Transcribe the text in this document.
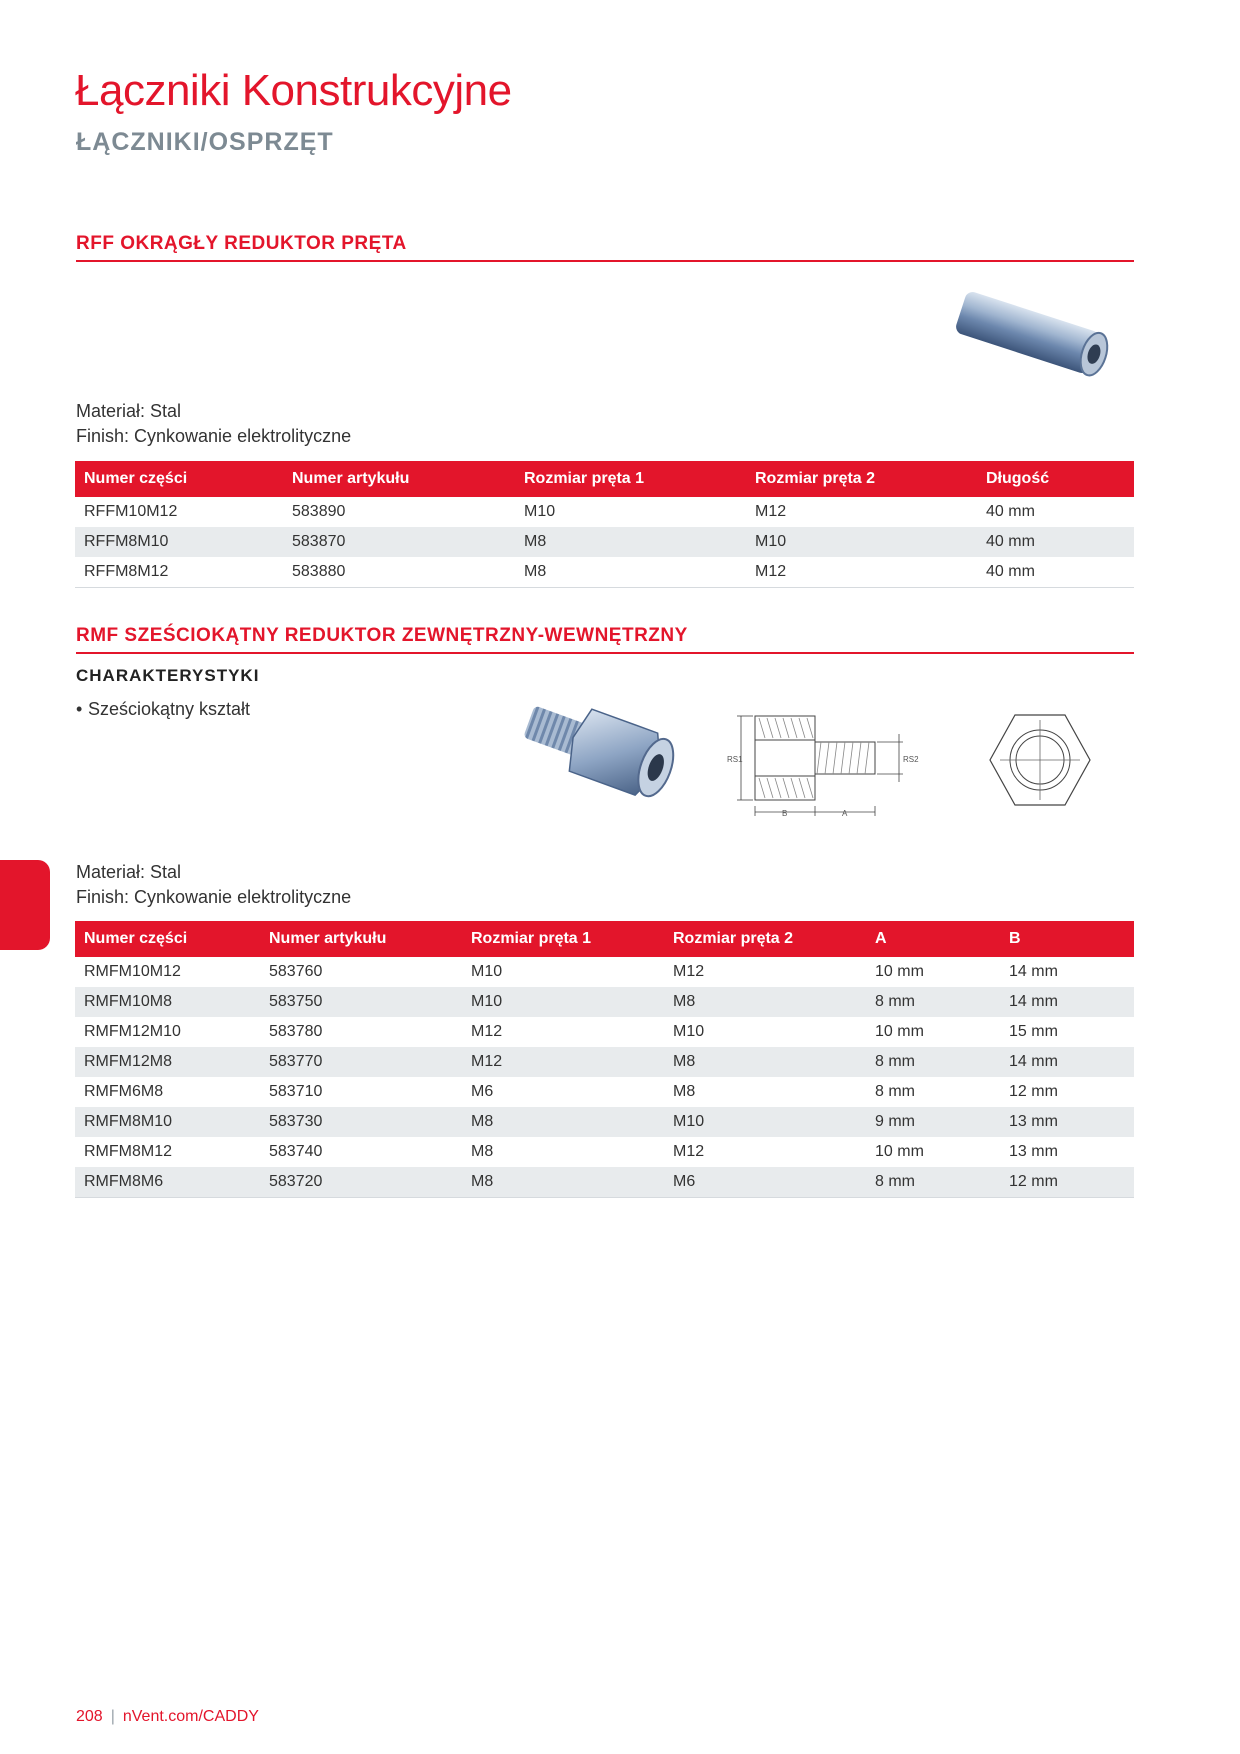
Łączniki Konstrukcyjne
ŁĄCZNIKI/OSPRZĘT
RFF OKRĄGŁY REDUKTOR PRĘTA
Materiał: Stal
Finish: Cynkowanie elektrolityczne
Numer części	Numer artykułu	Rozmiar pręta 1	Rozmiar pręta 2	Długość
RFFM10M12	583890	M10	M12	40 mm
RFFM8M10	583870	M8	M10	40 mm
RFFM8M12	583880	M8	M12	40 mm
RMF SZEŚCIOKĄTNY REDUKTOR ZEWNĘTRZNY-WEWNĘTRZNY
CHARAKTERYSTYKI
• Sześciokątny kształt
RS1	RS2
B	A
Materiał: Stal
Finish: Cynkowanie elektrolityczne
Numer części	Numer artykułu	Rozmiar pręta 1	Rozmiar pręta 2	A	B
RMFM10M12	583760	M10	M12	10 mm	14 mm
RMFM10M8	583750	M10	M8	8 mm	14 mm
RMFM12M10	583780	M12	M10	10 mm	15 mm
RMFM12M8	583770	M12	M8	8 mm	14 mm
RMFM6M8	583710	M6	M8	8 mm	12 mm
RMFM8M10	583730	M8	M10	9 mm	13 mm
RMFM8M12	583740	M8	M12	10 mm	13 mm
RMFM8M6	583720	M8	M6	8 mm	12 mm
208 | nVent.com/CADDY
